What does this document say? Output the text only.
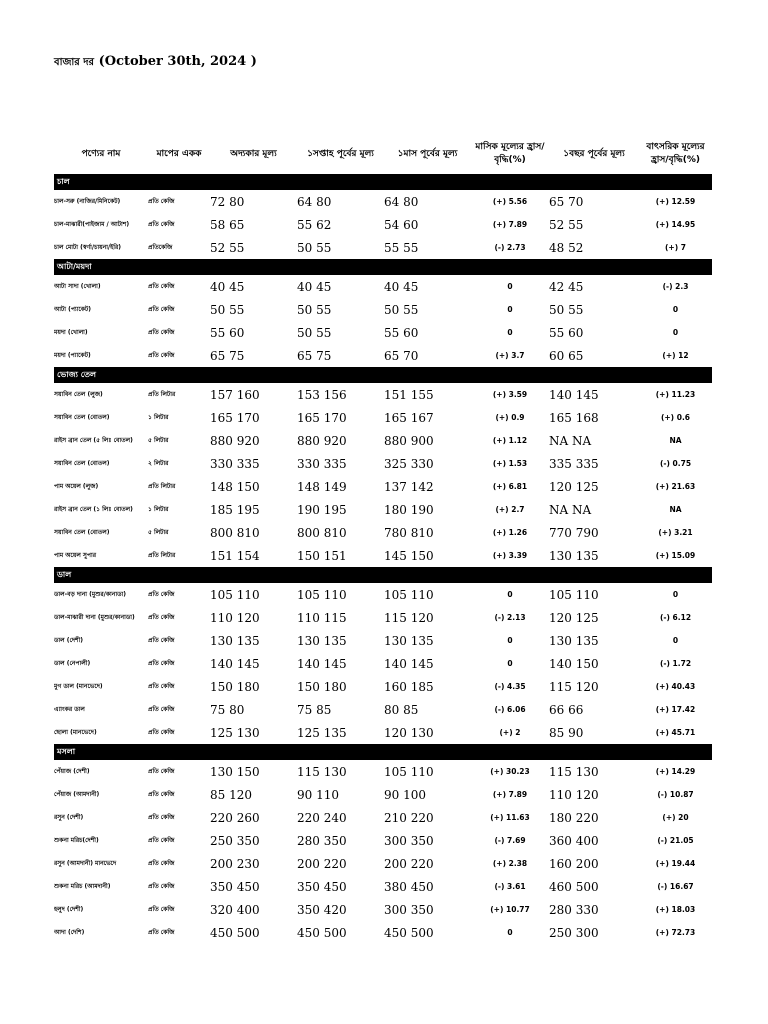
বাজার দর (October 30th, 2024 )
পণ্যের নাম	মাপের একক	অদ্যকার মূল্য	১সপ্তাহ পূর্বের মূল্য	১মাস পূর্বের মূল্য	মাসিক মূল্যের হ্রাস/বৃদ্ধি(%)	১বছর পূর্বের মূল্য	বাৎসরিক মূল্যের হ্রাস/বৃদ্ধি(%)
চাল							
চাল-সরু (নাজির/মিনিকেট)	প্রতি কেজি	72 80	64 80	64 80	(+) 5.56	65 70	(+) 12.59
চাল-মাঝারী(পাইজাম / আটাশ)	প্রতি কেজি	58 65	55 62	54 60	(+) 7.89	52 55	(+) 14.95
চাল মোটা (স্বর্ণা/চায়না/ইরি)	প্রতিকেজি	52 55	50 55	55 55	(-) 2.73	48 52	(+) 7
আটা/ময়দা							
আটা সাদা (খোলা)	প্রতি কেজি	40 45	40 45	40 45	0	42 45	(-) 2.3
আটা (প্যাকেট)	প্রতি কেজি	50 55	50 55	50 55	0	50 55	0
ময়দা (খোলা)	প্রতি কেজি	55 60	50 55	55 60	0	55 60	0
ময়দা (প্যাকেট)	প্রতি কেজি	65 75	65 75	65 70	(+) 3.7	60 65	(+) 12
ভোজ্য তেল							
সয়াবিন তেল (লুজ)	প্রতি লিটার	157 160	153 156	151 155	(+) 3.59	140 145	(+) 11.23
সয়াবিন তেল (বোতল)	১ লিটার	165 170	165 170	165 167	(+) 0.9	165 168	(+) 0.6
রাইস ব্রান তেল (৫ লিঃ বোতল)	৫ লিটার	880 920	880 920	880 900	(+) 1.12	NA NA	NA
সয়াবিন তেল (বোতল)	২ লিটার	330 335	330 335	325 330	(+) 1.53	335 335	(-) 0.75
পাম অয়েল (লুজ)	প্রতি লিটার	148 150	148 149	137 142	(+) 6.81	120 125	(+) 21.63
রাইস ব্রান তেল (১ লিঃ বোতল)	১ লিটার	185 195	190 195	180 190	(+) 2.7	NA NA	NA
সয়াবিন তেল (বোতল)	৫ লিটার	800 810	800 810	780 810	(+) 1.26	770 790	(+) 3.21
পাম অয়েল সুপার	প্রতি লিটার	151 154	150 151	145 150	(+) 3.39	130 135	(+) 15.09
ডাল							
ডাল-বড় দানা (মুশুর/কানাডা)	প্রতি কেজি	105 110	105 110	105 110	0	105 110	0
ডাল-মাঝারী দানা (মুশুর/কানাডা)	প্রতি কেজি	110 120	110 115	115 120	(-) 2.13	120 125	(-) 6.12
ডাল (দেশী)	প্রতি কেজি	130 135	130 135	130 135	0	130 135	0
ডাল (নেপালী)	প্রতি কেজি	140 145	140 145	140 145	0	140 150	(-) 1.72
মুগ ডাল (মানভেদে)	প্রতি কেজি	150 180	150 180	160 185	(-) 4.35	115 120	(+) 40.43
এ্যাংকর ডাল	প্রতি কেজি	75 80	75 85	80 85	(-) 6.06	66 66	(+) 17.42
ছোলা (মানভেদে)	প্রতি কেজি	125 130	125 135	120 130	(+) 2	85 90	(+) 45.71
মসলা							
পেঁয়াজ (দেশী)	প্রতি কেজি	130 150	115 130	105 110	(+) 30.23	115 130	(+) 14.29
পেঁয়াজ (আমদানী)	প্রতি কেজি	85 120	90 110	90 100	(+) 7.89	110 120	(-) 10.87
রসুন (দেশী)	প্রতি কেজি	220 260	220 240	210 220	(+) 11.63	180 220	(+) 20
শুকনা মরিচ(দেশী)	প্রতি কেজি	250 350	280 350	300 350	(-) 7.69	360 400	(-) 21.05
রসুন (আমদানী) মানভেদে	প্রতি কেজি	200 230	200 220	200 220	(+) 2.38	160 200	(+) 19.44
শুকনা মরিচ (আমদানী)	প্রতি কেজি	350 450	350 450	380 450	(-) 3.61	460 500	(-) 16.67
হলুদ (দেশী)	প্রতি কেজি	320 400	350 420	300 350	(+) 10.77	280 330	(+) 18.03
আদা (দেশি)	প্রতি কেজি	450 500	450 500	450 500	0	250 300	(+) 72.73
